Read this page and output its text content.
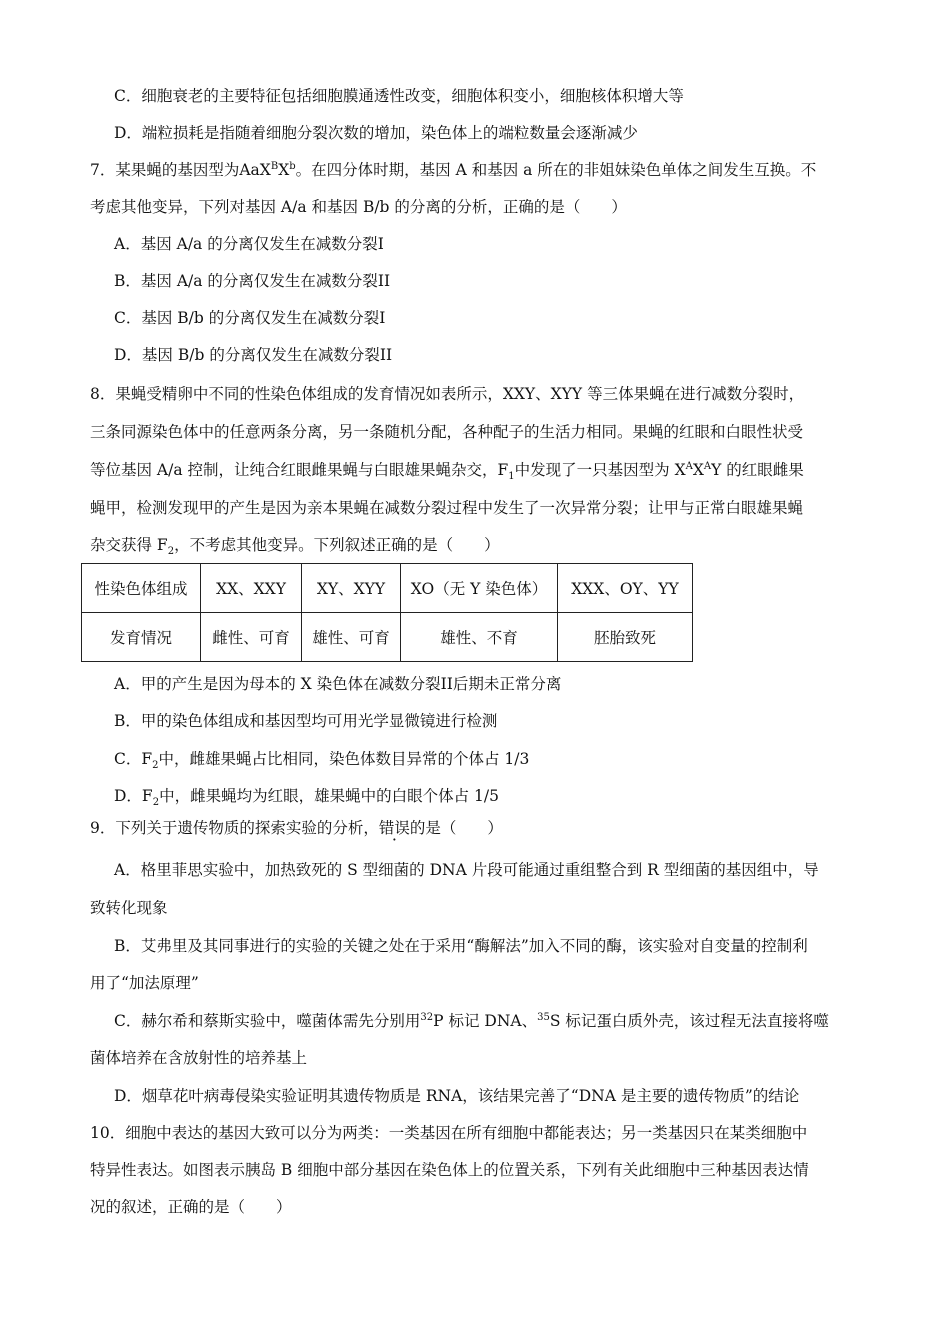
C．细胞衰老的主要特征包括细胞膜通透性改变，细胞体积变小，细胞核体积增大等
D．端粒损耗是指随着细胞分裂次数的增加，染色体上的端粒数量会逐渐减少
7．某果蝇的基因型为$AaX^BX^b$。在四分体时期，基因 A 和基因 a 所在的非姐妹染色单体之间发生互换。不
考虑其他变异，下列对基因 A/a 和基因 B/b 的分离的分析，正确的是（　　）
A．基因 A/a 的分离仅发生在减数分裂I
B．基因 A/a 的分离仅发生在减数分裂II
C．基因 B/b 的分离仅发生在减数分裂I
D．基因 B/b 的分离仅发生在减数分裂II
8．果蝇受精卵中不同的性染色体组成的发育情况如表所示，XXY、XYY 等三体果蝇在进行减数分裂时，
三条同源染色体中的任意两条分离，另一条随机分配，各种配子的生活力相同。果蝇的红眼和白眼性状受
等位基因 A/a 控制，让纯合红眼雌果蝇与白眼雄果蝇杂交，$F_1$中发现了一只基因型为 $X^AX^AY$ 的红眼雌果
蝇甲，检测发现甲的产生是因为亲本果蝇在减数分裂过程中发生了一次异常分裂；让甲与正常白眼雄果蝇
杂交获得 $F_2$，不考虑其他变异。下列叙述正确的是（　　）
性染色体组成	XX、XXY	XY、XYY	XO（无 Y 染色体）	XXX、OY、YY
发育情况	雌性、可育	雄性、可育	雄性、不育	胚胎致死
A．甲的产生是因为母本的 X 染色体在减数分裂II后期未正常分离
B．甲的染色体组成和基因型均可用光学显微镜进行检测
C．$F_2$中，雌雄果蝇占比相同，染色体数目异常的个体占 1/3
D．$F_2$中，雌果蝇均为红眼，雄果蝇中的白眼个体占 1/5
9．下列关于遗传物质的探索实验的分析，错误的是（　　）
A．格里菲思实验中，加热致死的 S 型细菌的 DNA 片段可能通过重组整合到 R 型细菌的基因组中，导
致转化现象
B．艾弗里及其同事进行的实验的关键之处在于采用“酶解法”加入不同的酶，该实验对自变量的控制利
用了“加法原理”
C．赫尔希和蔡斯实验中，噬菌体需先分别用$^{32}$P 标记 DNA、$^{35}$S 标记蛋白质外壳，该过程无法直接将噬
菌体培养在含放射性的培养基上
D．烟草花叶病毒侵染实验证明其遗传物质是 RNA，该结果完善了“DNA 是主要的遗传物质”的结论
10．细胞中表达的基因大致可以分为两类：一类基因在所有细胞中都能表达；另一类基因只在某类细胞中
特异性表达。如图表示胰岛 B 细胞中部分基因在染色体上的位置关系，下列有关此细胞中三种基因表达情
况的叙述，正确的是（　　）
